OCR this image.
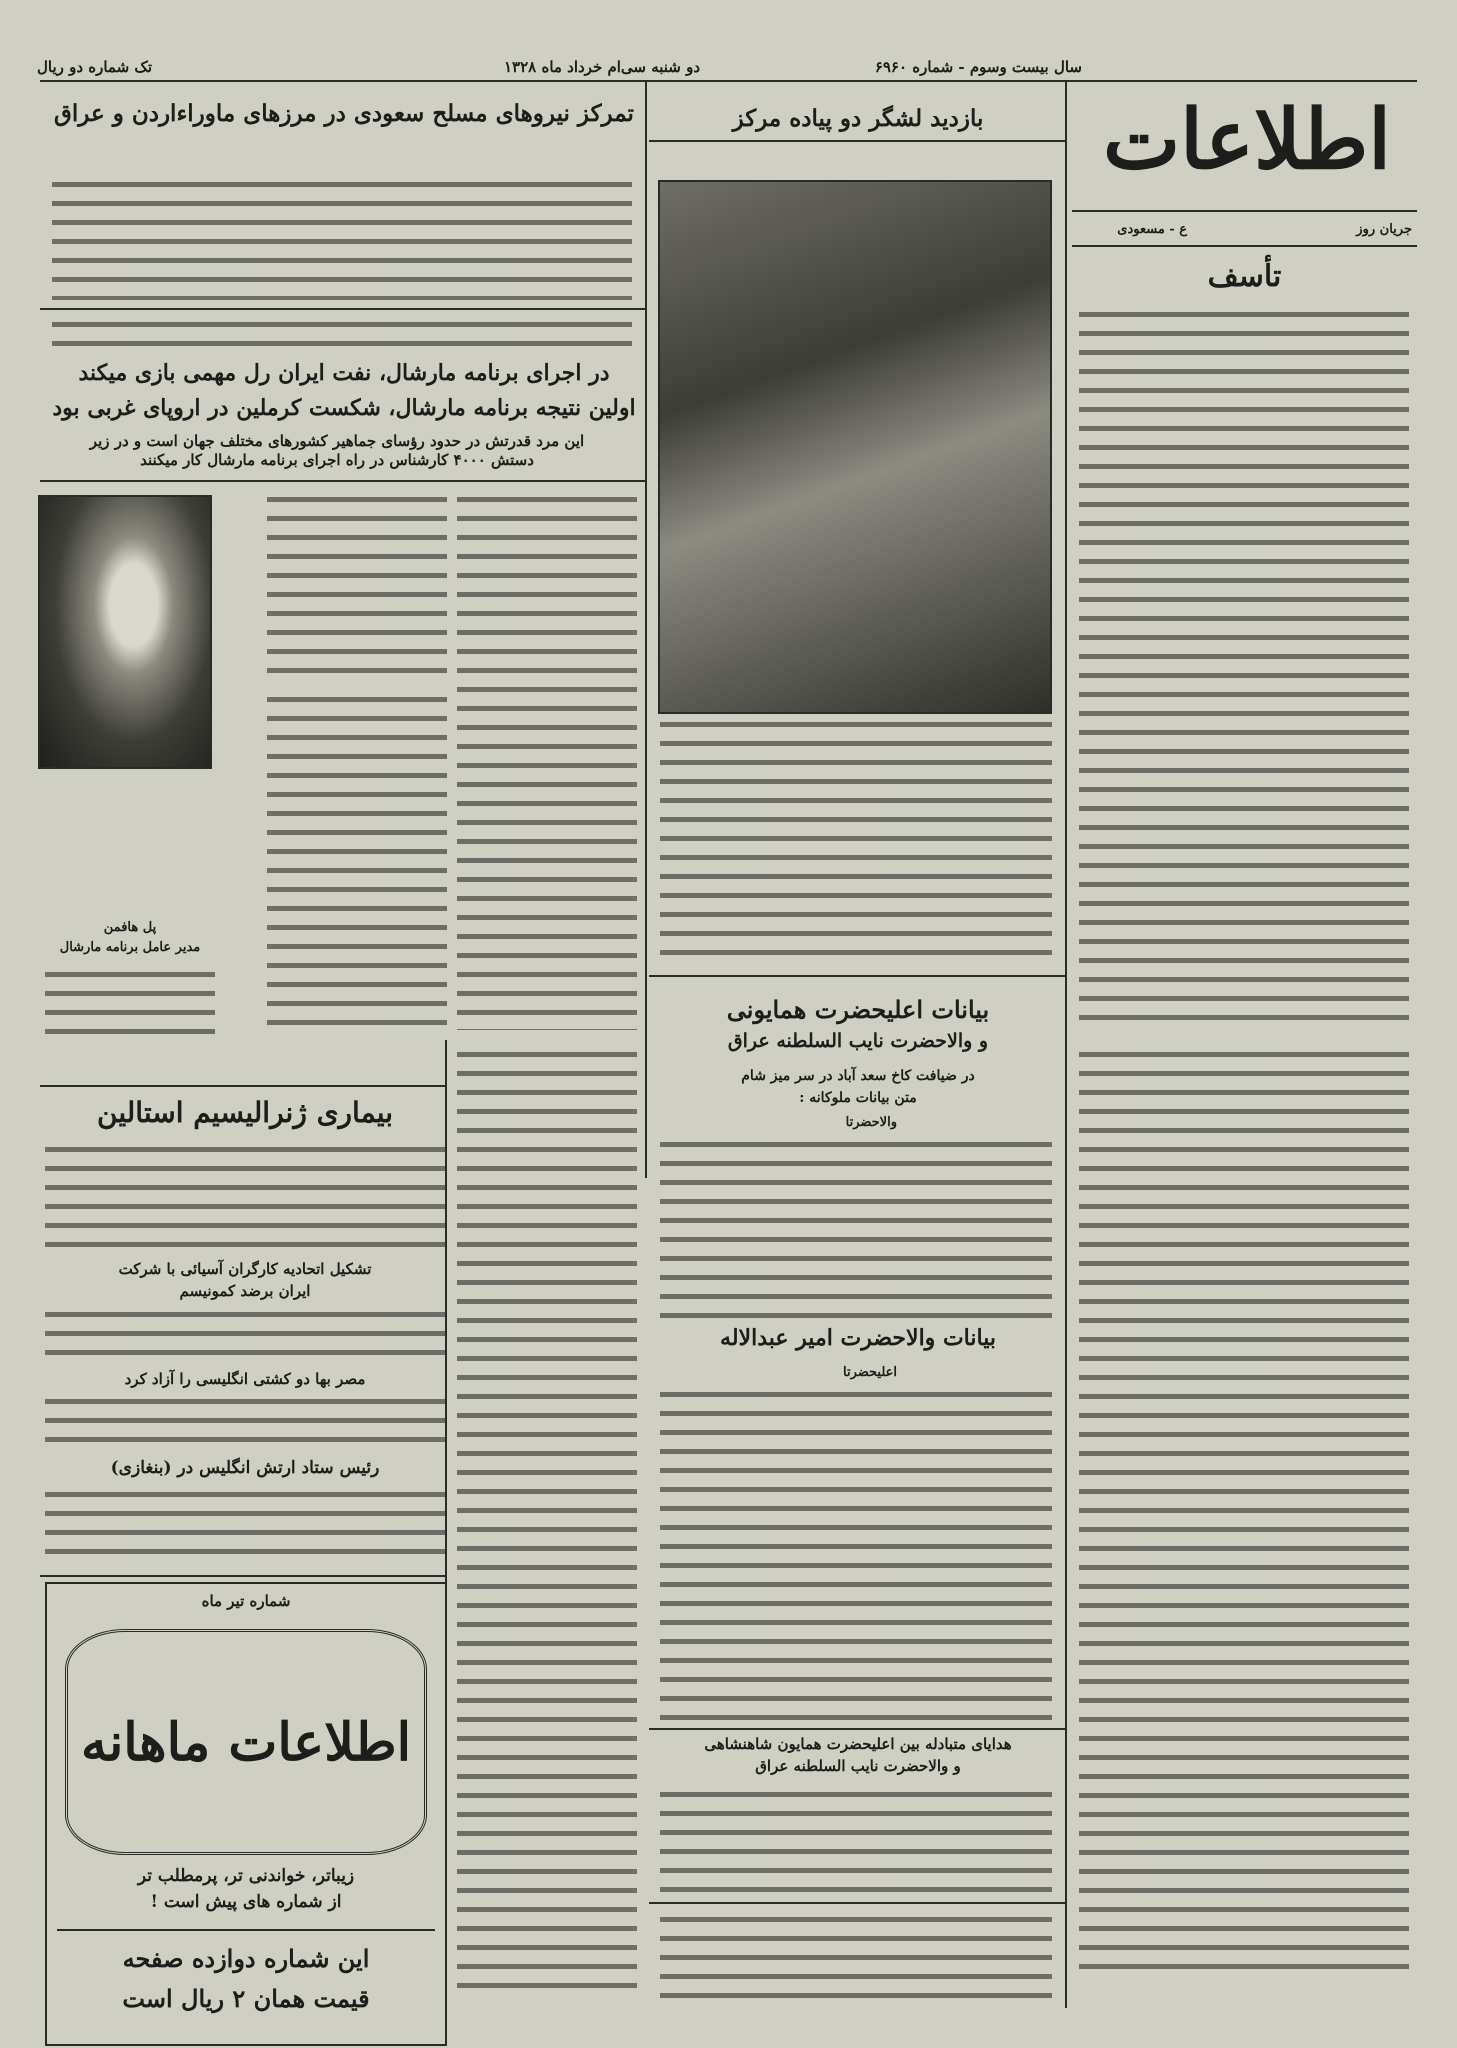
سال بیست وسوم - شماره ۶۹۶۰
دو شنبه سی‌ام خرداد ماه ۱۳۲۸
تک شماره دو ریال
اطلاعات
جریان روز
ع - مسعودی
تأسف
بازدید لشگر دو پیاده مرکز
تمرکز نیروهای مسلح سعودی در مرزهای ماوراءاردن و عراق
در اجرای برنامه مارشال، نفت ایران رل مهمی بازی میکند
اولین نتیجه برنامه مارشال، شکست کرملین در اروپای غربی بود
این مرد قدرتش در حدود رؤسای جماهیر کشورهای مختلف جهان است و در زیر دستش ۴۰۰۰ کارشناس در راه اجرای برنامه مارشال کار میکنند
پل هافمن
مدیر عامل برنامه مارشال
بیانات اعلیحضرت همایونی
و والاحضرت نایب السلطنه عراق
در ضیافت کاخ سعد آباد در سر میز شام
متن بیانات ملوکانه :
والاحضرتا
بیانات والاحضرت امیر عبدالاله
اعلیحضرتا
هدایای متبادله بین اعلیحضرت همایون شاهنشاهی
و والاحضرت نایب السلطنه عراق
بیماری ژنرالیسیم استالین
تشکیل اتحادیه کارگران آسیائی با شرکت
ایران برضد کمونیسم
مصر بها دو کشتی انگلیسی را آزاد کرد
رئیس ستاد ارتش انگلیس در (بنغازی)
شماره تیر ماه
اطلاعات ماهانه
زیباتر، خواندنی تر، پرمطلب تر
از شماره های پیش است !
این شماره دوازده صفحه
قیمت همان ۲ ریال است
